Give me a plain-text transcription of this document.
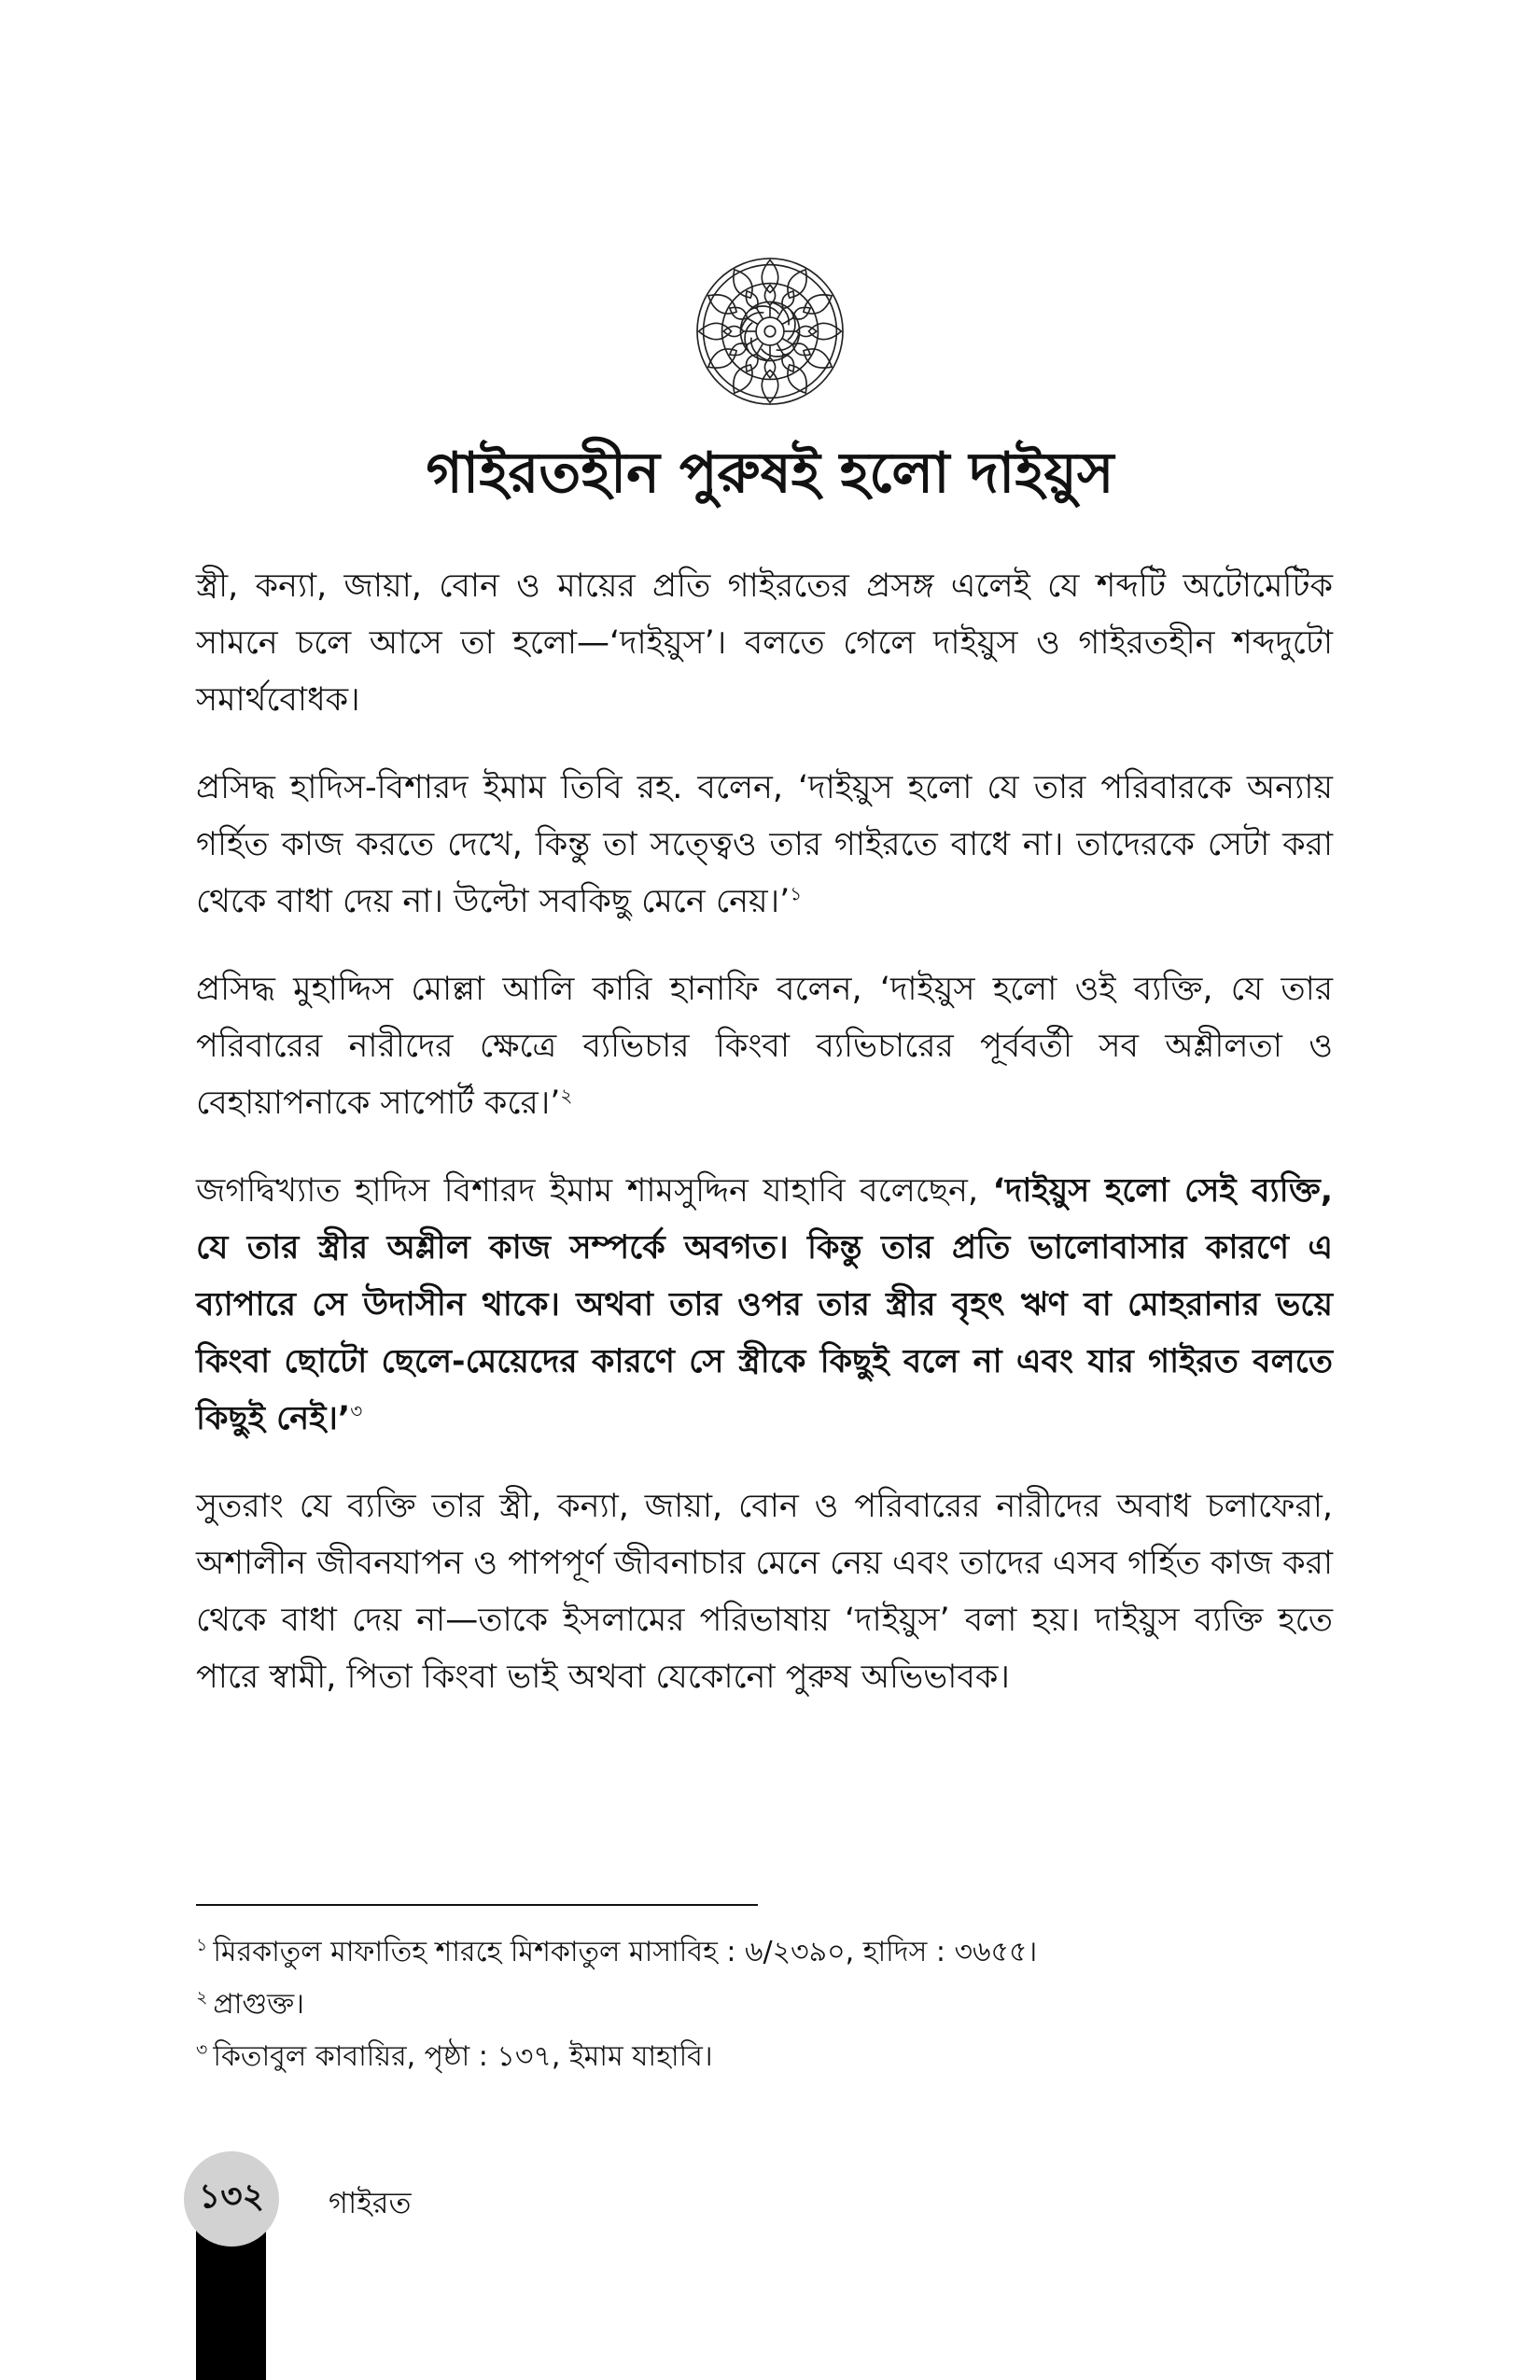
গাইরতহীন পুরুষই হলো দাইয়ুস

স্ত্রী, কন্যা, জায়া, বোন ও মায়ের প্রতি গাইরতের প্রসঙ্গ এলেই যে শব্দটি অটোমেটিক সামনে চলে আসে তা হলো—‘দাইয়ুস’। বলতে গেলে দাইয়ুস ও গাইরতহীন শব্দদুটো সমার্থবোধক।

প্রসিদ্ধ হাদিস-বিশারদ ইমাম তিবি রহ. বলেন, ‘দাইয়ুস হলো যে তার পরিবারকে অন্যায় গর্হিত কাজ করতে দেখে, কিন্তু তা সত্ত্বেও তার গাইরতে বাধে না। তাদেরকে সেটা করা থেকে বাধা দেয় না। উল্টো সবকিছু মেনে নেয়।’$^১$

প্রসিদ্ধ মুহাদ্দিস মোল্লা আলি কারি হানাফি বলেন, ‘দাইয়ুস হলো ওই ব্যক্তি, যে তার পরিবারের নারীদের ক্ষেত্রে ব্যভিচার কিংবা ব্যভিচারের পূর্ববর্তী সব অশ্লীলতা ও বেহায়াপনাকে সাপোর্ট করে।’$^২$

জগদ্বিখ্যাত হাদিস বিশারদ ইমাম শামসুদ্দিন যাহাবি বলেছেন, ‘দাইয়ুস হলো সেই ব্যক্তি, যে তার স্ত্রীর অশ্লীল কাজ সম্পর্কে অবগত। কিন্তু তার প্রতি ভালোবাসার কারণে এ ব্যাপারে সে উদাসীন থাকে। অথবা তার ওপর তার স্ত্রীর বৃহৎ ঋণ বা মোহরানার ভয়ে কিংবা ছোটো ছেলে-মেয়েদের কারণে সে স্ত্রীকে কিছুই বলে না এবং যার গাইরত বলতে কিছুই নেই।’$^৩$

সুতরাং যে ব্যক্তি তার স্ত্রী, কন্যা, জায়া, বোন ও পরিবারের নারীদের অবাধ চলাফেরা, অশালীন জীবনযাপন ও পাপপূর্ণ জীবনাচার মেনে নেয় এবং তাদের এসব গর্হিত কাজ করা থেকে বাধা দেয় না—তাকে ইসলামের পরিভাষায় ‘দাইয়ুস’ বলা হয়। দাইয়ুস ব্যক্তি হতে পারে স্বামী, পিতা কিংবা ভাই অথবা যেকোনো পুরুষ অভিভাবক।

$^১$ মিরকাতুল মাফাতিহ শারহে মিশকাতুল মাসাবিহ : ৬/২৩৯০, হাদিস : ৩৬৫৫।

$^২$ প্রাগুক্ত।

$^৩$ কিতাবুল কাবায়ির, পৃষ্ঠা : ১৩৭, ইমাম যাহাবি।

১৩২	গাইরত
